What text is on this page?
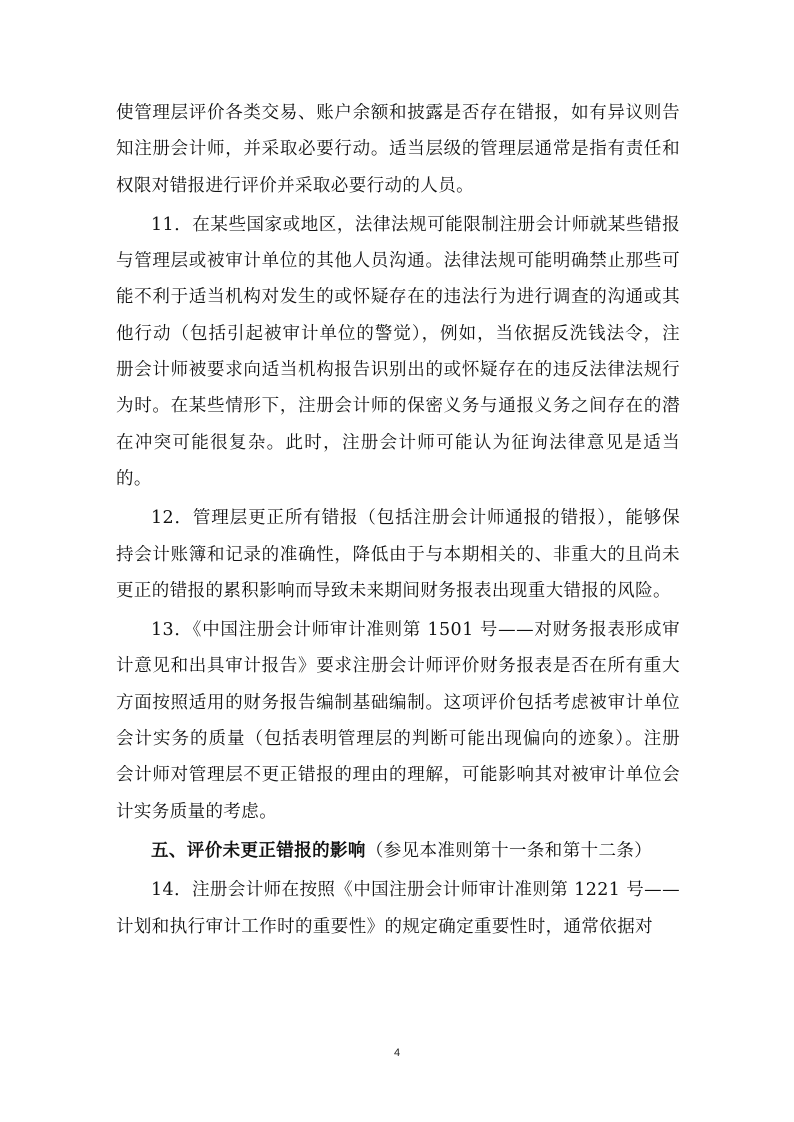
使管理层评价各类交易、账户余额和披露是否存在错报，如有异议则告知注册会计师，并采取必要行动。适当层级的管理层通常是指有责任和权限对错报进行评价并采取必要行动的人员。

11．在某些国家或地区，法律法规可能限制注册会计师就某些错报与管理层或被审计单位的其他人员沟通。法律法规可能明确禁止那些可能不利于适当机构对发生的或怀疑存在的违法行为进行调查的沟通或其他行动（包括引起被审计单位的警觉），例如，当依据反洗钱法令，注册会计师被要求向适当机构报告识别出的或怀疑存在的违反法律法规行为时。在某些情形下，注册会计师的保密义务与通报义务之间存在的潜在冲突可能很复杂。此时，注册会计师可能认为征询法律意见是适当的。

12．管理层更正所有错报（包括注册会计师通报的错报），能够保持会计账簿和记录的准确性，降低由于与本期相关的、非重大的且尚未更正的错报的累积影响而导致未来期间财务报表出现重大错报的风险。

13．《中国注册会计师审计准则第 1501 号——对财务报表形成审计意见和出具审计报告》要求注册会计师评价财务报表是否在所有重大方面按照适用的财务报告编制基础编制。这项评价包括考虑被审计单位会计实务的质量（包括表明管理层的判断可能出现偏向的迹象）。注册会计师对管理层不更正错报的理由的理解，可能影响其对被审计单位会计实务质量的考虑。

五、评价未更正错报的影响（参见本准则第十一条和第十二条）

14．注册会计师在按照《中国注册会计师审计准则第 1221 号——计划和执行审计工作时的重要性》的规定确定重要性时，通常依据对

4
